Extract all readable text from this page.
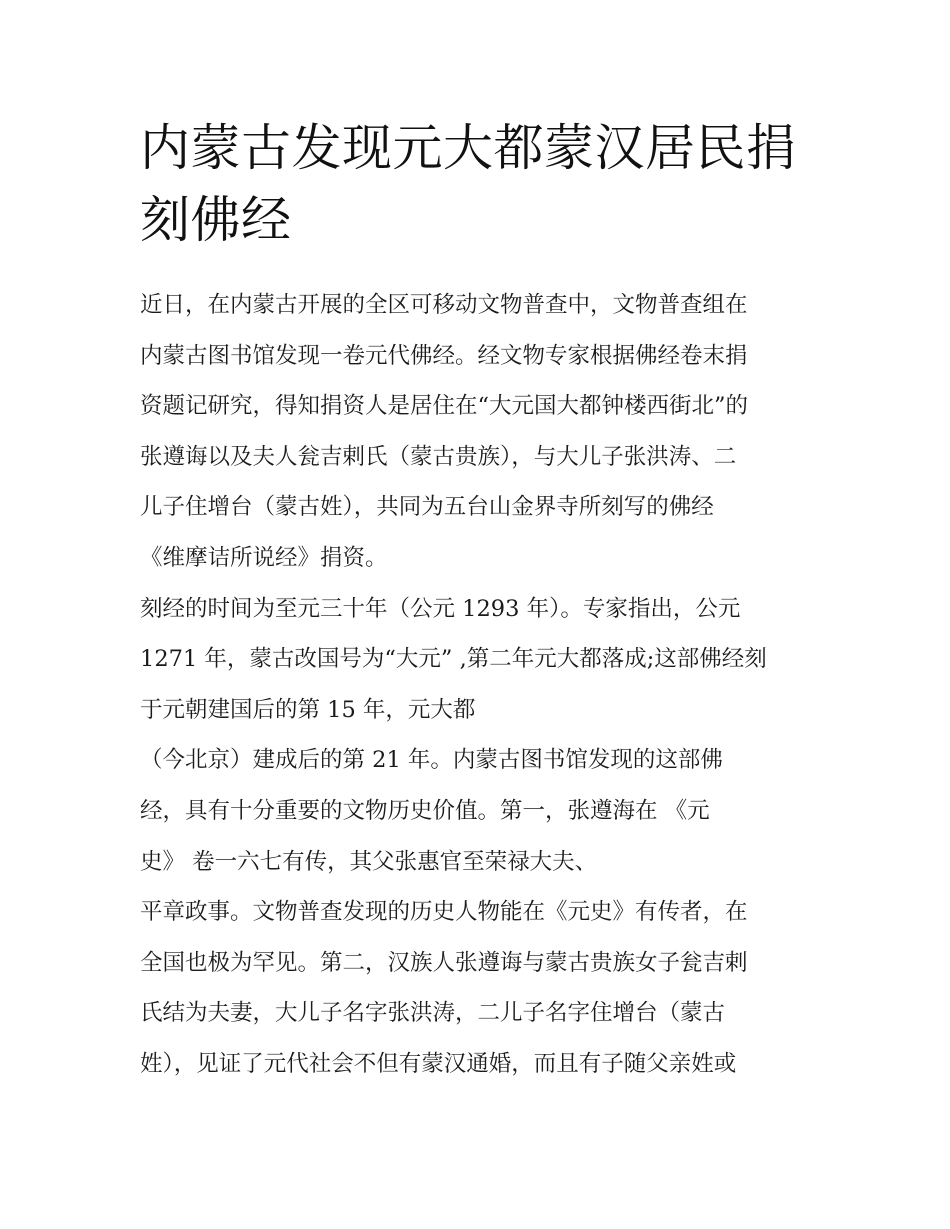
内蒙古发现元大都蒙汉居民捐
刻佛经
近日，在内蒙古开展的全区可移动文物普查中，文物普查组在
内蒙古图书馆发现一卷元代佛经。经文物专家根据佛经卷末捐
资题记研究，得知捐资人是居住在“大元国大都钟楼西街北”的
张遵诲以及夫人瓮吉剌氏（蒙古贵族），与大儿子张洪涛、二
儿子住增台（蒙古姓），共同为五台山金界寺所刻写的佛经
《维摩诘所说经》捐资。
刻经的时间为至元三十年（公元 1293 年）。专家指出，公元
1271 年，蒙古改国号为“大元” ,第二年元大都落成;这部佛经刻
于元朝建国后的第 15 年，元大都
（今北京）建成后的第 21 年。内蒙古图书馆发现的这部佛
经，具有十分重要的文物历史价值。第一，张遵海在 《元
史》 卷一六七有传，其父张惠官至荣禄大夫、
平章政事。文物普查发现的历史人物能在《元史》有传者，在
全国也极为罕见。第二，汉族人张遵诲与蒙古贵族女子瓮吉剌
氏结为夫妻，大儿子名字张洪涛，二儿子名字住增台（蒙古
姓），见证了元代社会不但有蒙汉通婚，而且有子随父亲姓或
